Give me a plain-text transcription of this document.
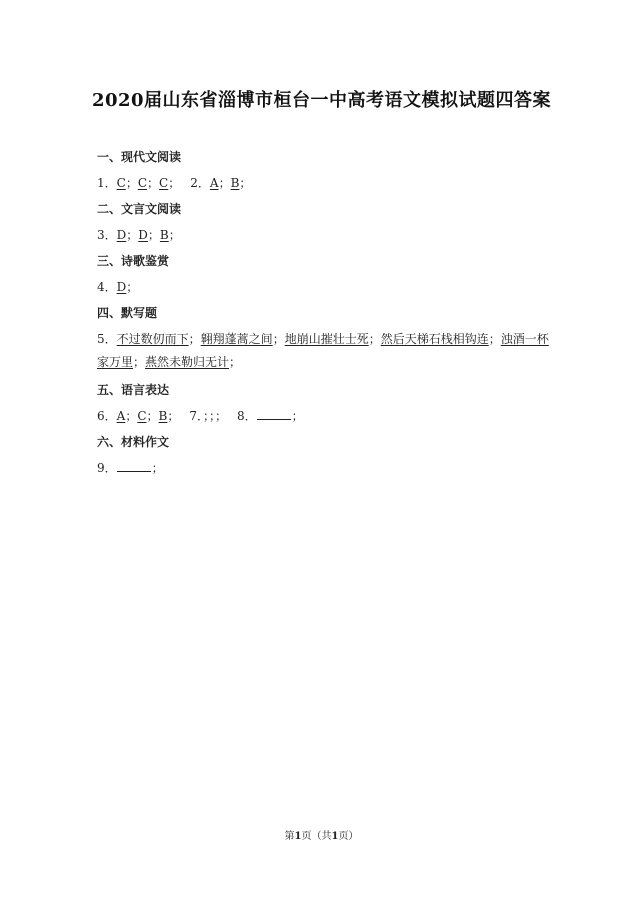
2020届山东省淄博市桓台一中高考语文模拟试题四答案
一、现代文阅读
1．C；C；C； 2．A；B；
二、文言文阅读
3．D；D；B；
三、诗歌鉴赏
4．D；
四、默写题
5．不过数仞而下；翱翔蓬蒿之间；地崩山摧壮士死；然后天梯石栈相钩连；浊酒一杯家万里；燕然未勒归无计；
五、语言表达
6．A；C；B； 7．；；； 8．	；
六、材料作文
9．	；
第1页（共1页）
